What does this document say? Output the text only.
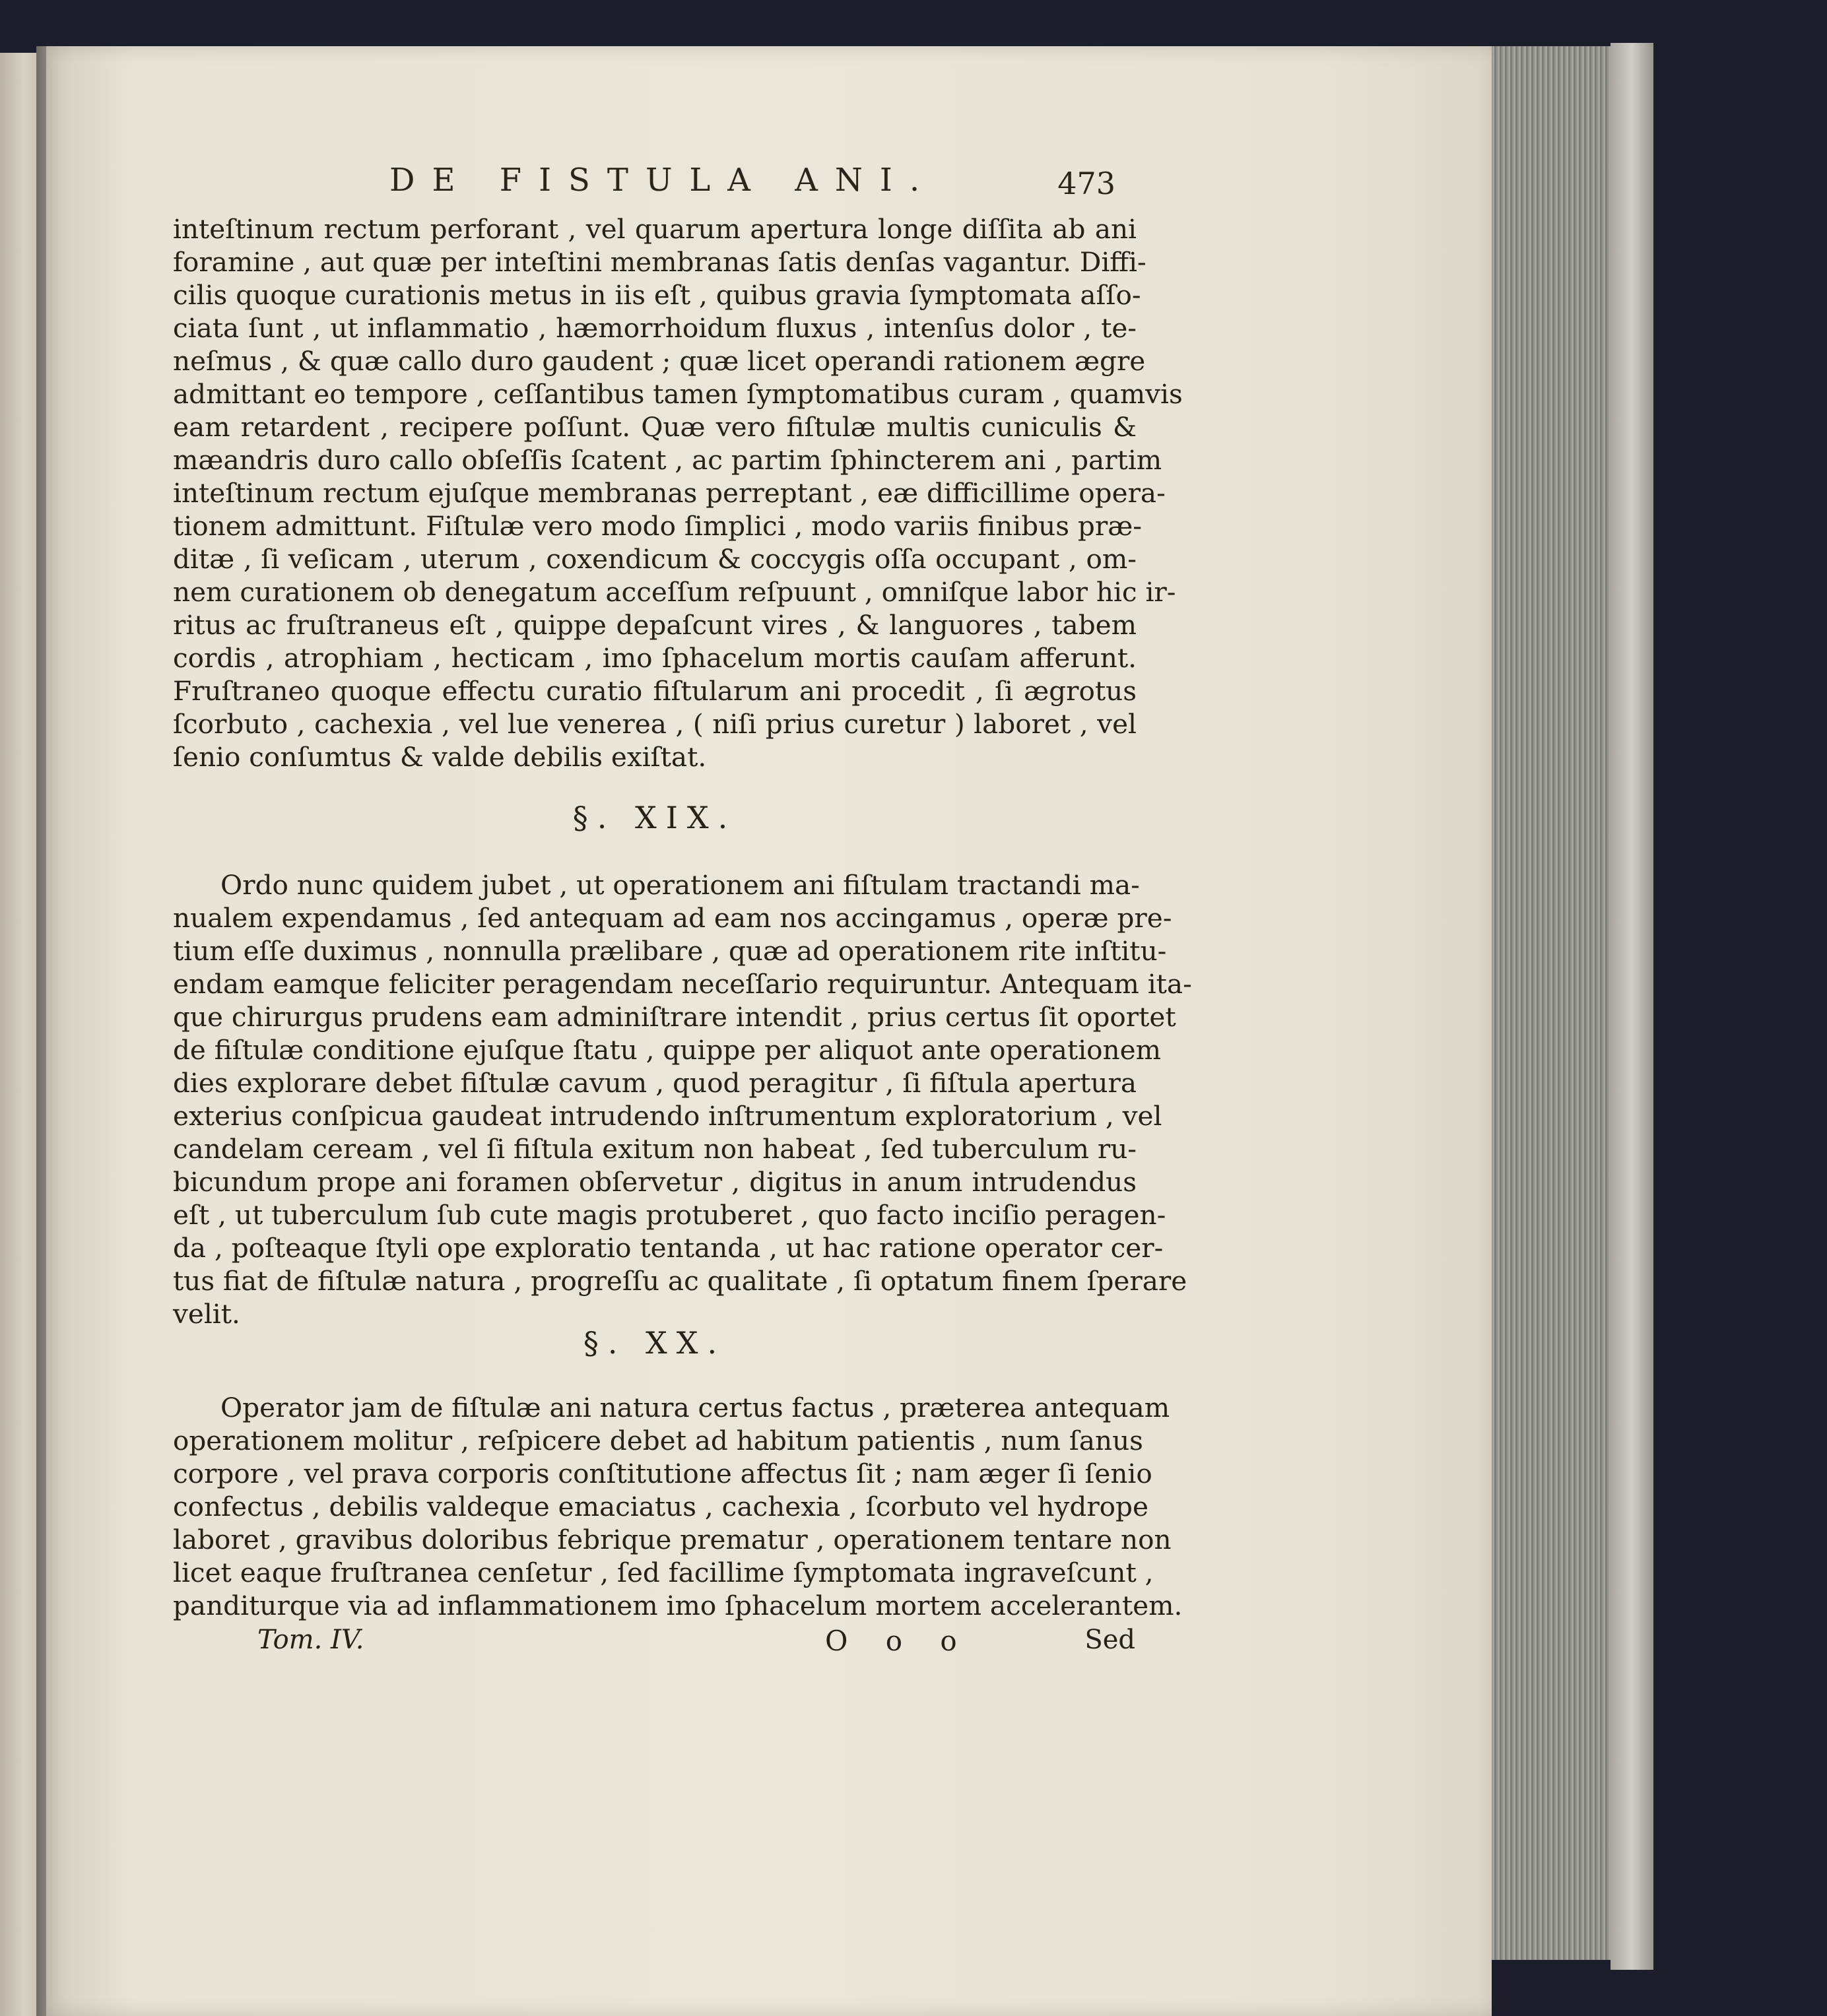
DE FISTULA ANI.	473

inteſtinum rectum perforant , vel quarum apertura longe diſſita ab ani
foramine , aut quæ per inteſtini membranas ſatis denſas vagantur. Diffi-
cilis quoque curationis metus in iis eſt , quibus gravia ſymptomata aſſo-
ciata ſunt , ut inflammatio , hæmorrhoidum fluxus , intenſus dolor , te-
neſmus , & quæ callo duro gaudent ; quæ licet operandi rationem ægre
admittant eo tempore , ceſſantibus tamen ſymptomatibus curam , quamvis
eam retardent , recipere poſſunt. Quæ vero fiſtulæ multis cuniculis &
mæandris duro callo obſeſſis ſcatent , ac partim ſphincterem ani , partim
inteſtinum rectum ejuſque membranas perreptant , eæ difficillime opera-
tionem admittunt. Fiſtulæ vero modo ſimplici , modo variis finibus præ-
ditæ , ſi veſicam , uterum , coxendicum & coccygis oſſa occupant , om-
nem curationem ob denegatum acceſſum reſpuunt , omniſque labor hic ir-
ritus ac fruſtraneus eſt , quippe depaſcunt vires , & languores , tabem
cordis , atrophiam , hecticam , imo ſphacelum mortis cauſam afferunt.
Fruſtraneo quoque effectu curatio fiſtularum ani procedit , ſi ægrotus
ſcorbuto , cachexia , vel lue venerea , ( niſi prius curetur ) laboret , vel
ſenio conſumtus & valde debilis exiſtat.

§. XIX.

Ordo nunc quidem jubet , ut operationem ani fiſtulam tractandi ma-
nualem expendamus , ſed antequam ad eam nos accingamus , operæ pre-
tium eſſe duximus , nonnulla prælibare , quæ ad operationem rite inſtitu-
endam eamque feliciter peragendam neceſſario requiruntur. Antequam ita-
que chirurgus prudens eam adminiſtrare intendit , prius certus ſit oportet
de fiſtulæ conditione ejuſque ſtatu , quippe per aliquot ante operationem
dies explorare debet fiſtulæ cavum , quod peragitur , ſi fiſtula apertura
exterius conſpicua gaudeat intrudendo inſtrumentum exploratorium , vel
candelam ceream , vel ſi fiſtula exitum non habeat , ſed tuberculum ru-
bicundum prope ani foramen obſervetur , digitus in anum intrudendus
eſt , ut tuberculum ſub cute magis protuberet , quo facto inciſio peragen-
da , poſteaque ſtyli ope exploratio tentanda , ut hac ratione operator cer-
tus fiat de fiſtulæ natura , progreſſu ac qualitate , ſi optatum finem ſperare
velit.

§. XX.

Operator jam de fiſtulæ ani natura certus factus , præterea antequam
operationem molitur , reſpicere debet ad habitum patientis , num ſanus
corpore , vel prava corporis conſtitutione affectus ſit ; nam æger ſi ſenio
confectus , debilis valdeque emaciatus , cachexia , ſcorbuto vel hydrope
laboret , gravibus doloribus febrique prematur , operationem tentare non
licet eaque fruſtranea cenſetur , ſed facillime ſymptomata ingraveſcunt ,
panditurque via ad inflammationem imo ſphacelum mortem accelerantem.

Tom. IV.	O o o	Sed
